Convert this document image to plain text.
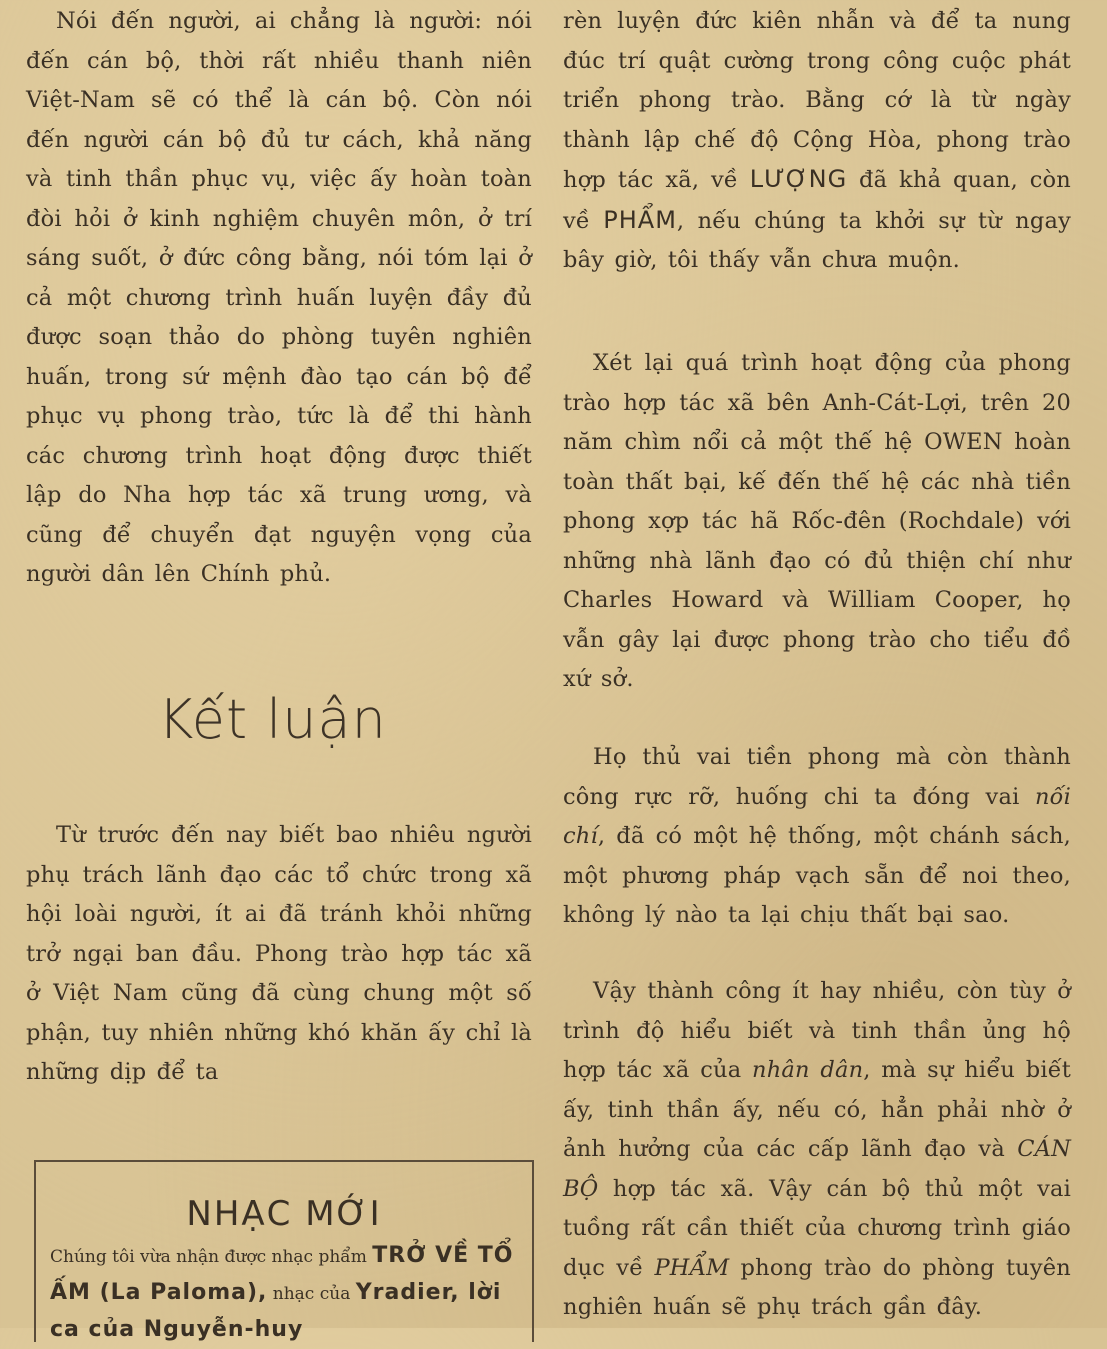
Nói đến người, ai chẳng là người: nói đến cán bộ, thời rất nhiều thanh niên Việt-Nam sẽ có thể là cán bộ. Còn nói đến người cán bộ đủ tư cách, khả năng và tinh thần phục vụ, việc ấy hoàn toàn đòi hỏi ở kinh nghiệm chuyên môn, ở trí sáng suốt, ở đức công bằng, nói tóm lại ở cả một chương trình huấn luyện đầy đủ được soạn thảo do phòng tuyên nghiên huấn, trong sứ mệnh đào tạo cán bộ để phục vụ phong trào, tức là để thi hành các chương trình hoạt động được thiết lập do Nha hợp tác xã trung ương, và cũng để chuyển đạt nguyện vọng của người dân lên Chính phủ.

Từ trước đến nay biết bao nhiêu người phụ trách lãnh đạo các tổ chức trong xã hội loài người, ít ai đã tránh khỏi những trở ngại ban đầu. Phong trào hợp tác xã ở Việt Nam cũng đã cùng chung một số phận, tuy nhiên những khó khăn ấy chỉ là những dịp để ta

Kết luận

rèn luyện đức kiên nhẫn và để ta nung đúc trí quật cường trong công cuộc phát triển phong trào. Bằng cớ là từ ngày thành lập chế độ Cộng Hòa, phong trào hợp tác xã, về LƯỢNG đã khả quan, còn về PHẨM, nếu chúng ta khởi sự từ ngay bây giờ, tôi thấy vẫn chưa muộn.

Xét lại quá trình hoạt động của phong trào hợp tác xã bên Anh-Cát-Lợi, trên 20 năm chìm nổi cả một thế hệ OWEN hoàn toàn thất bại, kế đến thế hệ các nhà tiền phong xợp tác hã Rốc-đên (Rochdale) với những nhà lãnh đạo có đủ thiện chí như Charles Howard và William Cooper, họ vẫn gây lại được phong trào cho tiểu đồ xứ sở.

Họ thủ vai tiền phong mà còn thành công rực rỡ, huống chi ta đóng vai nối chí, đã có một hệ thống, một chánh sách, một phương pháp vạch sẵn để noi theo, không lý nào ta lại chịu thất bại sao.

Vậy thành công ít hay nhiều, còn tùy ở trình độ hiểu biết và tinh thần ủng hộ hợp tác xã của nhân dân, mà sự hiểu biết ấy, tinh thần ấy, nếu có, hẳn phải nhờ ở ảnh hưởng của các cấp lãnh đạo và CÁN BỘ hợp tác xã. Vậy cán bộ thủ một vai tuồng rất cần thiết của chương trình giáo dục về PHẨM phong trào do phòng tuyên nghiên huấn sẽ phụ trách gần đây.

NHẠC MỚI
Chúng tôi vừa nhận được nhạc phẩm TRỞ VỀ TỔ ẤM (La Paloma), nhạc của Yradier, lời ca của Nguyễn-huy
